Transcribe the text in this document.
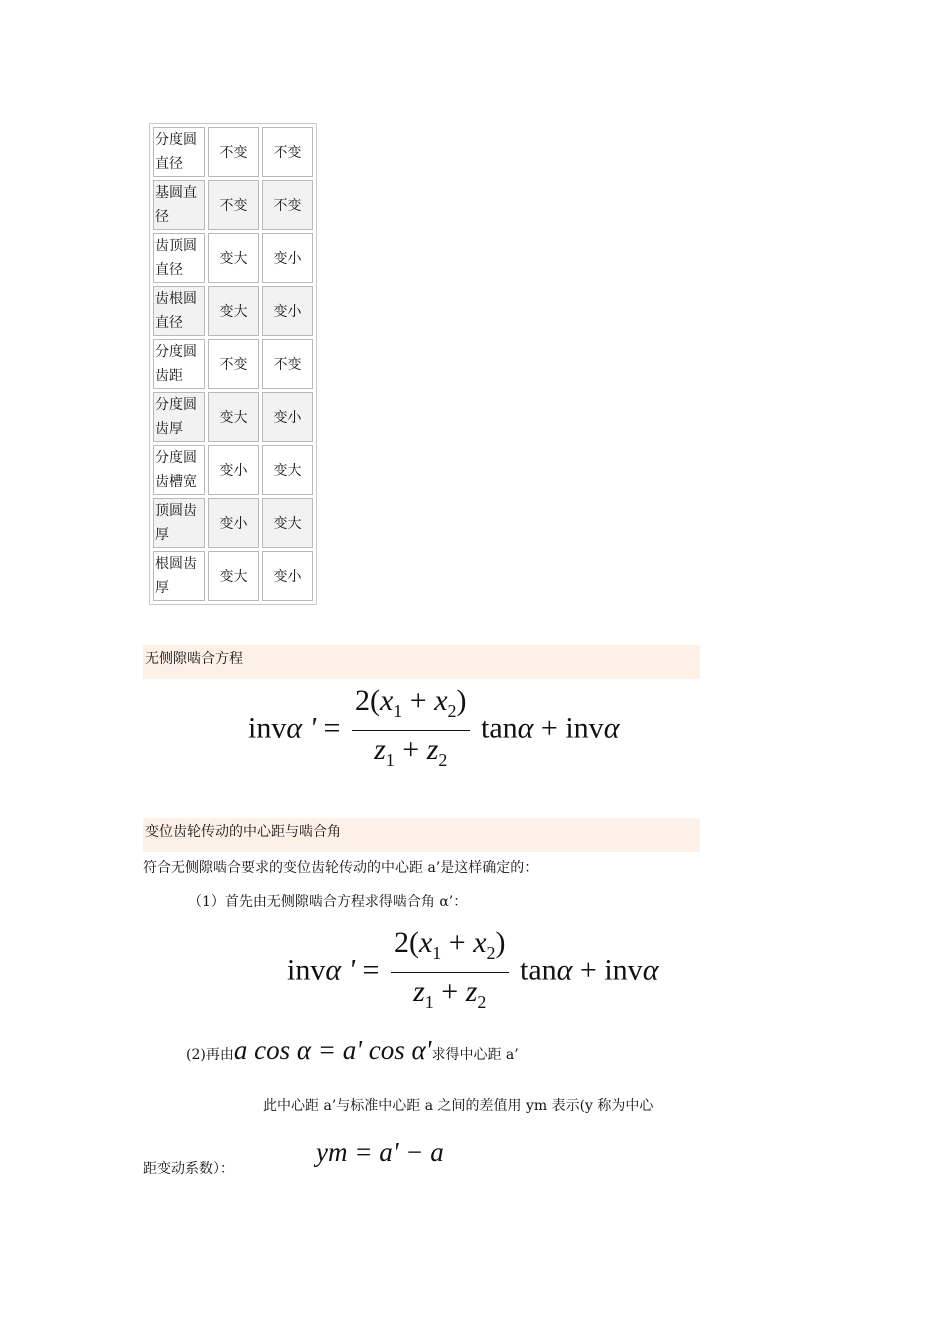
分度圆直径	不变	不变
基圆直径	不变	不变
齿顶圆直径	变大	变小
齿根圆直径	变大	变小
分度圆齿距	不变	不变
分度圆齿厚	变大	变小
分度圆齿槽宽	变小	变大
顶圆齿厚	变小	变大
根圆齿厚	变大	变小
无侧隙啮合方程
invα ' = $\frac{2(x_1 + x_2)}{z_1 + z_2}$ tanα + invα
变位齿轮传动的中心距与啮合角
符合无侧隙啮合要求的变位齿轮传动的中心距 a’是这样确定的：
（1）首先由无侧隙啮合方程求得啮合角 α’：
invα ' = $\frac{2(x_1 + x_2)}{z_1 + z_2}$ tanα + invα
(2)再由a cos α = a' cos α'求得中心距 a’
此中心距 a’与标准中心距 a 之间的差值用 ym 表示(y 称为中心
距变动系数）：
ym = a' − a
